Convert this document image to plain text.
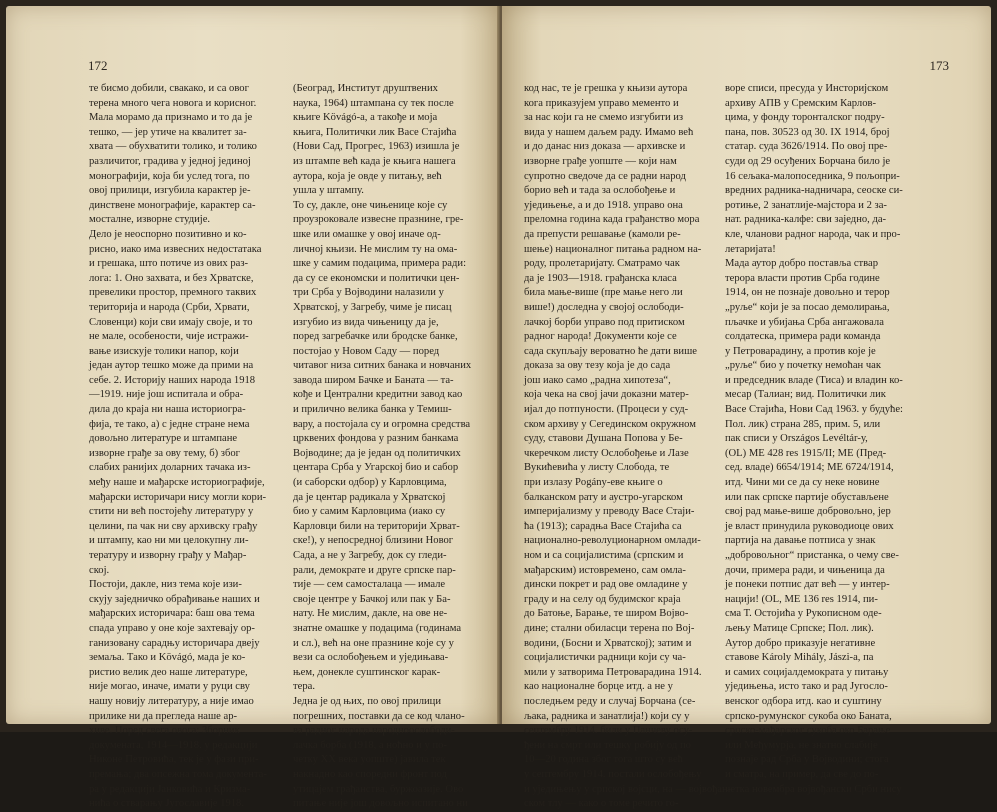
172
те бисмо добили, свакако, и са овог
терена много чега новога и корисног.
Мала морамо да признамо и то да је
тешко, — јер утиче на квалитет за-
хвата — обухватити толико, и толико
различитог, градива у једној јединој
монографији, која би услед тога, по
овој прилици, изгубила карактер је-
динствене монографије, карактер са-
мосталне, изворне студије.
Дело је неоспорно позитивно и ко-
рисно, иако има извесних недостатака
и грешака, што потиче из ових раз-
лога: 1. Оно захвата, и без Хрватске,
превелики простор, премного таквих
територија и народа (Срби, Хрвати,
Словенци) који сви имају своје, и то
не мале, особености, чије истражи-
вање изискује толики напор, који
један аутор тешко може да прими на
себе. 2. Историју наших народа 1918
—1919. није још испитала и обра-
дила до краја ни наша историогра-
фија, те тако, а) с једне стране нема
довољно литературе и штампане
изворне грађе за ову тему, б) због
слабих ранијих доларних тачака из-
међу наше и мађарске историографије,
мађарски историчари нису могли кори-
стити ни већ постојећу литературу у
целини, па чак ни сву архивску грађу
и штампу, као ни ми целокупну ли-
тературу и изворну грађу у Мађар-
ској.
Постоји, дакле, низ тема које изи-
скују заједничко обрађивање наших и
мађарских историчара: баш ова тема
спада управо у оне које захтевају ор-
ганизовану сарадњу историчара двеју
земаља. Тако и Kövágó, мада је ко-
ристио велик део наше литературе,
није могао, иначе, имати у руци сву
нашу новију литературу, а није имао
прилике ни да прегледа наше ар-
хиве. Поред свега овога: Зборник
докумената, 1914—1918. у редакцији
Никоне Петровића, тек је у фази при-
премања; два опсежна тома документа-
ра у редакцији Јанковића и Кризма-
нића о стварању Југославије 1918.
(Београд, Институт друштвених
наука, 1964) штампана су тек после
књиге Kövágó-а, а такође и моја
књига, Политички лик Васе Стајића
(Нови Сад, Прогрес, 1963) изишла је
из штампе већ када је књига нашега
аутора, која је овде у питању, већ
ушла у штампу.
То су, дакле, оне чињенице које су
проузроковале извесне празнине, гре-
шке или омашке у овој иначе од-
личној књизи. Не мислим ту на ома-
шке у самим подацима, примера ради:
да су се економски и политички цен-
три Срба у Војводини налазили у
Хрватској, у Загребу, чиме је писац
изгубио из вида чињеницу да је,
поред загребачке или бродске банке,
постојао у Новом Саду — поред
читавог низа ситних банака и новчаних
завода широм Бачке и Баната — та-
кође и Централни кредитни завод као
и прилично велика банка у Темиш-
вару, а постојала су и огромна средства
црквених фондова у разним банкама
Војводине; да је један од политичких
центара Срба у Угарској био и сабор
(и саборски одбор) у Карловцима,
да је центар радикала у Хрватској
био у самим Карловцима (иако су
Карловци били на територији Хрват-
ске!), у непосредној близини Новог
Сада, а не у Загребу, док су гледи-
рали, демократе и друге српске пар-
тије — сем самосталаца — имале
своје центре у Бачкој или пак у Ба-
нату. Не мислим, дакле, на ове не-
знатне омашке у подацима (годинама
и сл.), већ на оне празнине које су у
вези са ослобођењем и уједињава-
њем, донекле суштинског карак-
тера.
Једна је од њих, по овој прилици
погрешних, поставки да се код члано-
ва радног народа народноослободи-
лачка борба (1918, а ноћно и у по-
четку XX века уопште) јавила тек
накнадно као споредни фронт под
утицајем грађанства, буржоазије. Ово
питање није још довољно испитано ни
173
код нас, те је грешка у књизи аутора
кога приказујем управо мементо и
за нас који га не смемо изгубити из
вида у нашем даљем раду. Имамо већ
и до данас низ доказа — архивске и
изворне грађе уопште — који нам
супротно сведоче да се радни народ
борио већ и тада за ослобођење и
уједињење, а и до 1918. управо она
преломна година када грађанство мора
да препусти решавање (камоли ре-
шење) националног питања радном на-
роду, пролетаријату. Сматрамо чак
да је 1903—1918. грађанска класа
била мање-више (пре мање него ли
више!) доследна у својој ослободи-
лачкој борби управо под притиском
радног народа! Документи које се
сада скупљају вероватно ће дати више
доказа за ову тезу која је до сада
још иако само „радна хипотеза“,
која чека на свој јачи доказни матер-
ијал до потпуности. (Процеси у суд-
ском архиву у Сегединском окружном
суду, ставови Душана Попова у Бе-
чкеречком листу Ослобођење и Лазе
Вукићевића у листу Слобода, те
при излазу Pogány-еве књиге о
балканском рату и аустро-угарском
империјализму у преводу Васе Стаји-
ћа (1913); сарадња Васе Стајића са
национално-револуционарном омлади-
ном и са социјалистима (српским и
мађарским) истовремено, сам омла-
дински покрет и рад ове омладине у
граду и на селу од будимског краја
до Батоње, Барање, те широм Војво-
дине; стални обиласци терена по Вој-
водини, (Босни и Хрватској); затим и
социјалистички радници који су ча-
мили у затворима Петроварадина 1914.
као националне борце итд. а не у
последњем реду и случај Борчана (се-
љака, радника и занатлија!) који су у
септембру 1914. били у Панчеву осу-
ђени на смрт или тешку робију од по
10—20 година због тога што су већ
у септембру 1914. постали ослобођењу
и уједињењу у српској војсци, на — војвођан-
ском тлу — како о томе речито го-
воре списи, пресуда у Инсторијском
архиву АПВ у Сремским Карлов-
цима, у фонду торонталског подру-
пана, пов. 30523 од 30. IX 1914, број
статар. суда 3626/1914. По овој пре-
суди од 29 осуђених Борчана било је
16 сељака-малопоседника, 9 пољопри-
вредних радника-надничара, сеоске си-
ротиње, 2 занатлије-мајстора и 2 за-
нат. радника-калфе: сви заједно, да-
кле, чланови радног народа, чак и про-
летаријата!
Мада аутор добро поставља ствар
терора власти против Срба године
1914, он не познаје довољно и терор
„руље“ који је за посао демолирања,
пљачке и убијања Срба ангажовала
солдатеска, примера ради команда
у Петроварадину, а против које је
„руље“ био у почетку немоћан чак
и председник владе (Тиса) и владин ко-
месар (Талиан; вид. Политички лик
Васе Стајића, Нови Сад 1963. у будуће:
Пол. лик) страна 285, прим. 5, или
пак списи у Országos Levéltár-у,
(OL) ME 428 res 1915/II; ME (Пред-
сед. владе) 6654/1914; ME 6724/1914,
итд. Чини ми се да су неке новине
или пак српске партије обустављене
свој рад мање-више добровољно, јер
је власт принудила руководиоце ових
партија на давање потписа у знак
„добровољног“ пристанка, о чему све-
дочи, примера ради, и чињеница да
је понеки потпис дат већ — у интер-
нацији! (OL, ME 136 res 1914, пи-
сма Т. Остојића у Рукописном оде-
љењу Матице Српске; Пол. лик).
Аутор добро приказује негативне
ставове Károly Mihály, Jászi-а, па
и самих социјалдемократа у питању
уједињења, исто тако и рад Југосло-
венског одбора итд. као и суштину
српско-румунског сукоба око Баната,
српско-мађарског сукоба око Барање
или Међумурја, не знатно слабије
познаје рад Срба у Војводини; стога
и сматра, на пример, да све до по-
четка новембра војвођански Срби нису
